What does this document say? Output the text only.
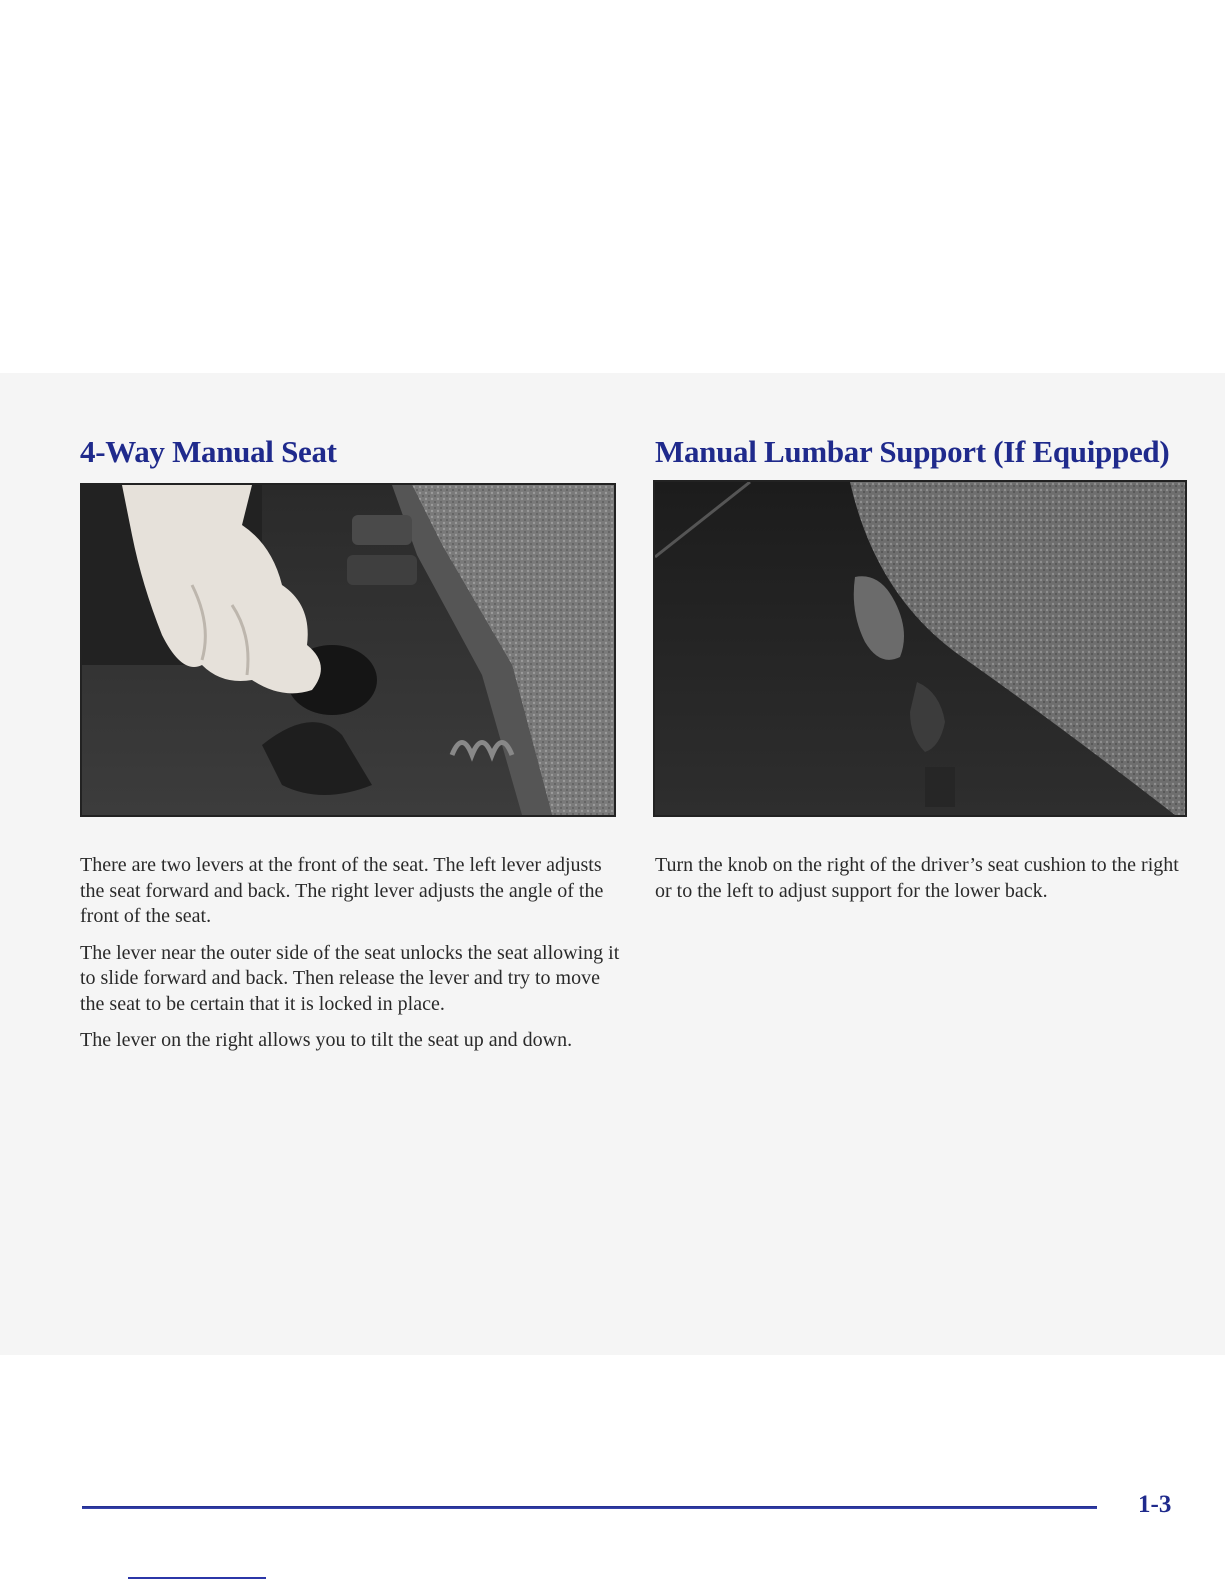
4-Way Manual Seat

There are two levers at the front of the seat. The left lever adjusts the seat forward and back. The right lever adjusts the angle of the front of the seat.

The lever near the outer side of the seat unlocks the seat allowing it to slide forward and back. Then release the lever and try to move the seat to be certain that it is locked in place.

The lever on the right allows you to tilt the seat up and down.

Manual Lumbar Support (If Equipped)

Turn the knob on the right of the driver’s seat cushion to the right or to the left to adjust support for the lower back.

1-3
